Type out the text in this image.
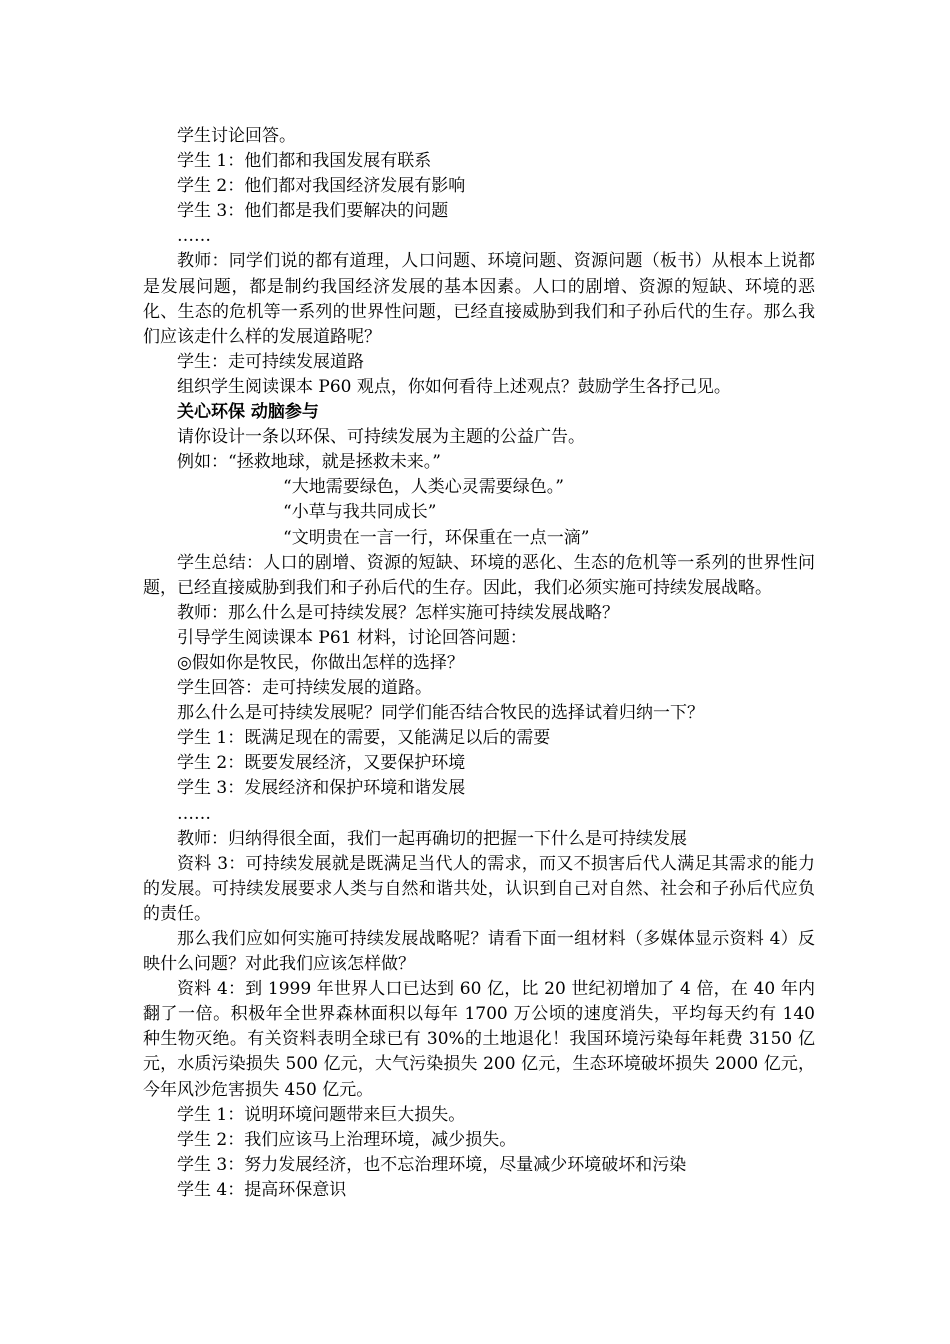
学生讨论回答。

学生 1：他们都和我国发展有联系

学生 2：他们都对我国经济发展有影响

学生 3：他们都是我们要解决的问题

……

教师：同学们说的都有道理，人口问题、环境问题、资源问题（板书）从根本上说都是发展问题，都是制约我国经济发展的基本因素。人口的剧增、资源的短缺、环境的恶化、生态的危机等一系列的世界性问题，已经直接威胁到我们和子孙后代的生存。那么我们应该走什么样的发展道路呢？

学生：走可持续发展道路

组织学生阅读课本 P60 观点，你如何看待上述观点？鼓励学生各抒己见。

关心环保 动脑参与

请你设计一条以环保、可持续发展为主题的公益广告。

例如：“拯救地球，就是拯救未来。”

“大地需要绿色，人类心灵需要绿色。”

“小草与我共同成长”

“文明贵在一言一行，环保重在一点一滴”

学生总结：人口的剧增、资源的短缺、环境的恶化、生态的危机等一系列的世界性问题，已经直接威胁到我们和子孙后代的生存。因此，我们必须实施可持续发展战略。

教师：那么什么是可持续发展？怎样实施可持续发展战略？

引导学生阅读课本 P61 材料，讨论回答问题：

◎假如你是牧民，你做出怎样的选择？

学生回答：走可持续发展的道路。

那么什么是可持续发展呢？同学们能否结合牧民的选择试着归纳一下？

学生 1：既满足现在的需要，又能满足以后的需要

学生 2：既要发展经济，又要保护环境

学生 3：发展经济和保护环境和谐发展

……

教师：归纳得很全面，我们一起再确切的把握一下什么是可持续发展

资料 3：可持续发展就是既满足当代人的需求，而又不损害后代人满足其需求的能力的发展。可持续发展要求人类与自然和谐共处，认识到自己对自然、社会和子孙后代应负的责任。

那么我们应如何实施可持续发展战略呢？请看下面一组材料（多媒体显示资料 4）反映什么问题？对此我们应该怎样做？

资料 4：到 1999 年世界人口已达到 60 亿，比 20 世纪初增加了 4 倍，在 40 年内翻了一倍。积极年全世界森林面积以每年 1700 万公顷的速度消失，平均每天约有 140 种生物灭绝。有关资料表明全球已有 30%的土地退化！我国环境污染每年耗费 3150 亿元，水质污染损失 500 亿元，大气污染损失 200 亿元，生态环境破坏损失 2000 亿元，今年风沙危害损失 450 亿元。

学生 1：说明环境问题带来巨大损失。

学生 2：我们应该马上治理环境，减少损失。

学生 3：努力发展经济，也不忘治理环境，尽量减少环境破坏和污染

学生 4：提高环保意识
